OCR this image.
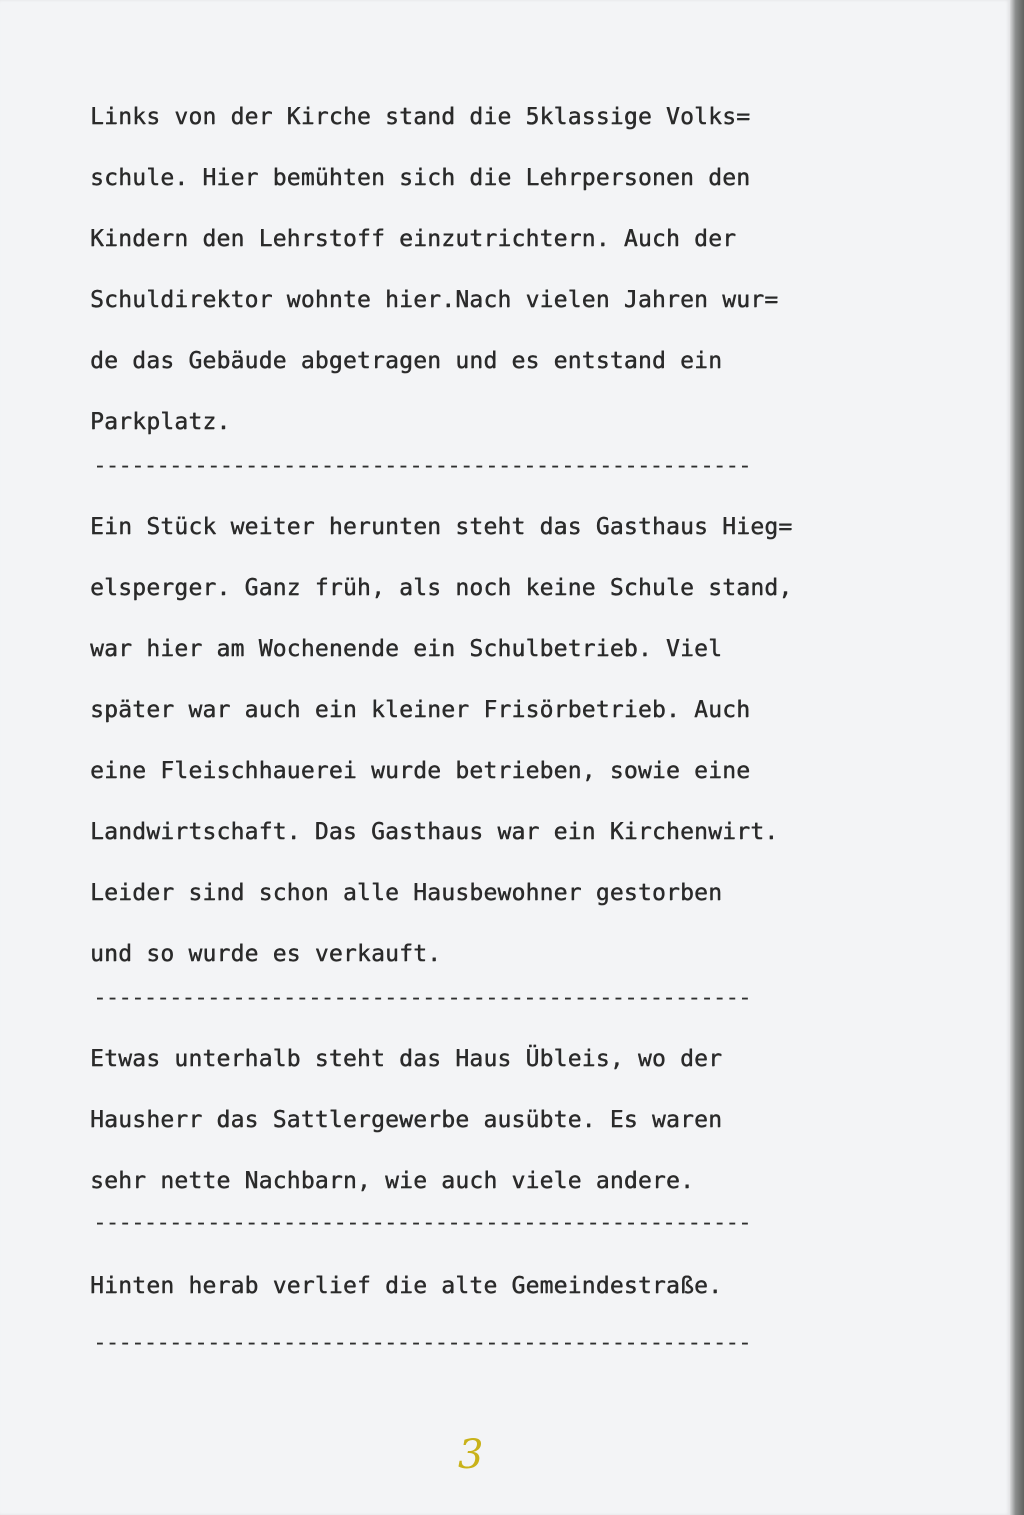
Links von der Kirche stand die 5klassige Volks=

schule. Hier bemühten sich die Lehrpersonen den

Kindern den Lehrstoff einzutrichtern. Auch der

Schuldirektor wohnte hier.Nach vielen Jahren wur=

de das Gebäude abgetragen und es entstand ein

Parkplatz.

----------------------------------------------------

Ein Stück weiter herunten steht das Gasthaus Hieg=

elsperger. Ganz früh, als noch keine Schule stand,

war hier am Wochenende ein Schulbetrieb. Viel

später war auch ein kleiner Frisörbetrieb. Auch

eine Fleischhauerei wurde betrieben, sowie eine

Landwirtschaft. Das Gasthaus war ein Kirchenwirt.

Leider sind schon alle Hausbewohner gestorben

und so wurde es verkauft.

----------------------------------------------------

Etwas unterhalb steht das Haus Übleis, wo der

Hausherr das Sattlergewerbe ausübte. Es waren

sehr nette Nachbarn, wie auch viele andere.

----------------------------------------------------

Hinten herab verlief die alte Gemeindestraße.

----------------------------------------------------

3
